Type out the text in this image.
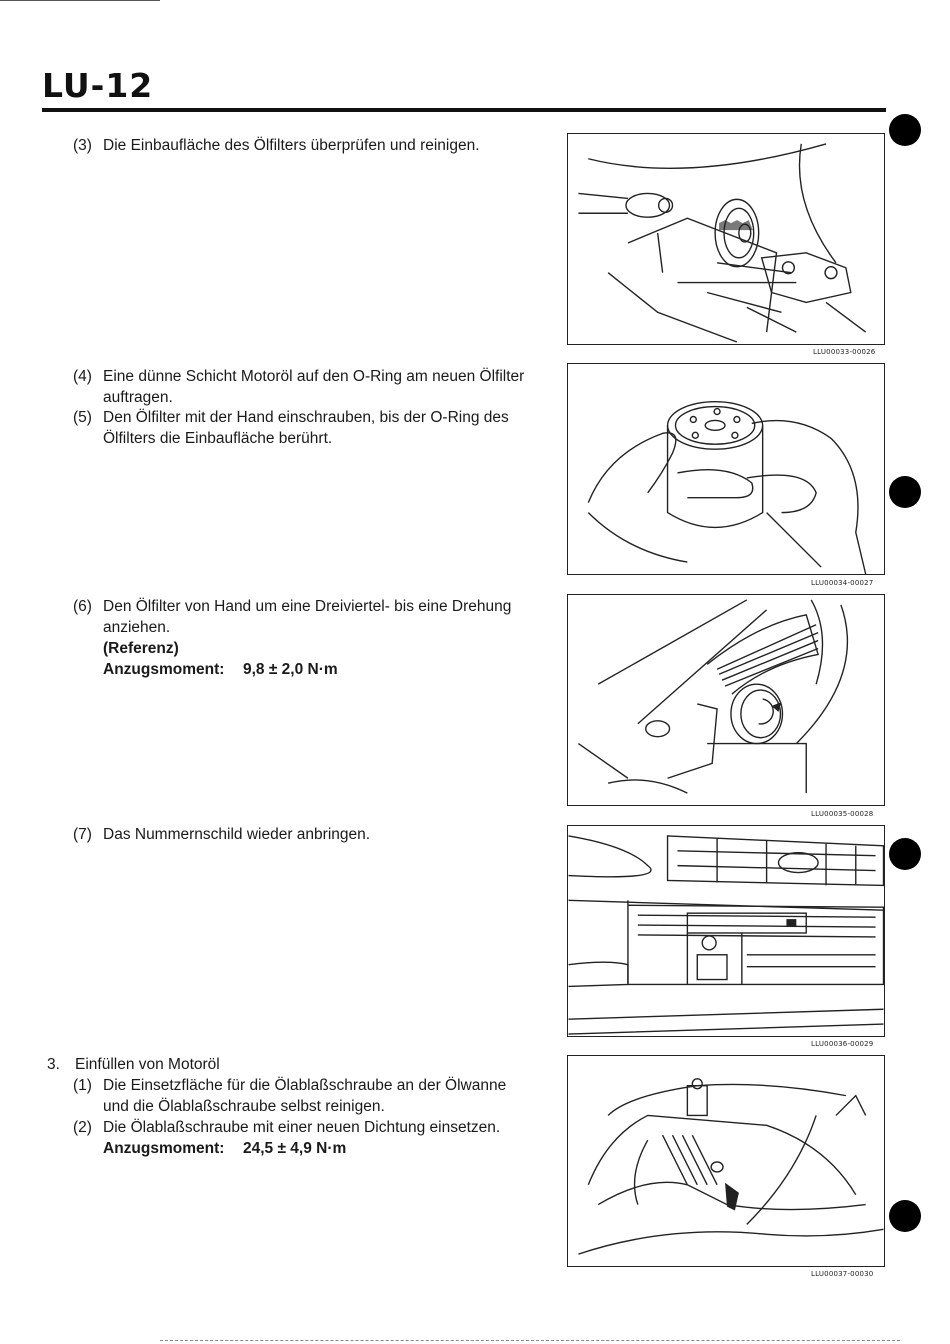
LU-12
(3) Die Einbaufläche des Ölfilters überprüfen und reinigen.
(4) Eine dünne Schicht Motoröl auf den O-Ring am neuen Ölfilter auftragen.
(5) Den Ölfilter mit der Hand einschrauben, bis der O-Ring des Ölfilters die Einbaufläche berührt.
(6) Den Ölfilter von Hand um eine Dreiviertel- bis eine Drehung anziehen.
(Referenz)
Anzugsmoment: 9,8 ± 2,0 N·m
(7) Das Nummernschild wieder anbringen.
3. Einfüllen von Motoröl
(1) Die Einsetzfläche für die Ölablaßschraube an der Ölwanne und die Ölablaßschraube selbst reinigen.
(2) Die Ölablaßschraube mit einer neuen Dichtung einsetzen.
Anzugsmoment: 24,5 ± 4,9 N·m
LLU00033-00026
LLU00034-00027
LLU00035-00028
LLU00036-00029
LLU00037-00030
